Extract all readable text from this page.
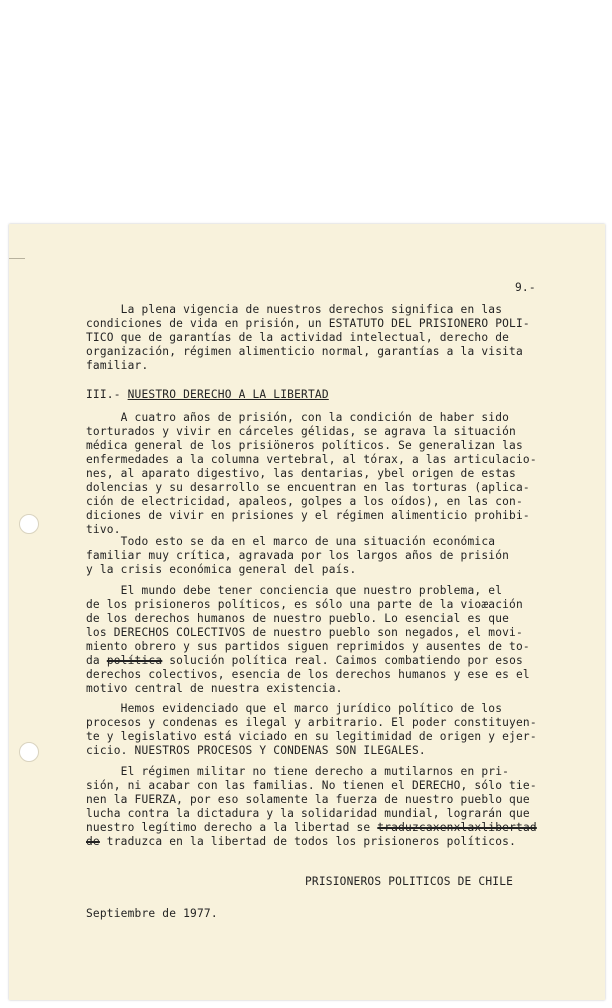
9.-
La plena vigencia de nuestros derechos significa en las
condiciones de vida en prisión, un ESTATUTO DEL PRISIONERO POLI-
TICO que de garantías de la actividad intelectual, derecho de
organización, régimen alimenticio normal, garantías a la visita
familiar.
III.- NUESTRO DERECHO A LA LIBERTAD
A cuatro años de prisión, con la condición de haber sido
torturados y vivir en cárceles gélidas, se agrava la situación
médica general de los prisiöneros políticos. Se generalizan las
enfermedades a la columna vertebral, al tórax, a las articulacio-
nes, al aparato digestivo, las dentarias, ybel origen de estas
dolencias y su desarrollo se encuentran en las torturas (aplica-
ción de electricidad, apaleos, golpes a los oídos), en las con-
diciones de vivir en prisiones y el régimen alimenticio prohibi-
tivo.
Todo esto se da en el marco de una situación económica
familiar muy crítica, agravada por los largos años de prisión
y la crisis económica general del país.
El mundo debe tener conciencia que nuestro problema, el
de los prisioneros políticos, es sólo una parte de la vioæación
de los derechos humanos de nuestro pueblo. Lo esencial es que
los DERECHOS COLECTIVOS de nuestro pueblo son negados, el movi-
miento obrero y sus partidos siguen reprimidos y ausentes de to-
da política solución política real. Caimos combatiendo por esos
derechos colectivos, esencia de los derechos humanos y ese es el
motivo central de nuestra existencia.
Hemos evidenciado que el marco jurídico político de los
procesos y condenas es ilegal y arbitrario. El poder constituyen-
te y legislativo está viciado en su legitimidad de origen y ejer-
cicio. NUESTROS PROCESOS Y CONDENAS SON ILEGALES.
El régimen militar no tiene derecho a mutilarnos en pri-
sión, ni acabar con las familias. No tienen el DERECHO, sólo tie-
nen la FUERZA, por eso solamente la fuerza de nuestro pueblo que
lucha contra la dictadura y la solidaridad mundial, lograrán que
nuestro legítimo derecho a la libertad se traduzcaxenxlaxlibertad
de traduzca en la libertad de todos los prisioneros políticos.
PRISIONEROS POLITICOS DE CHILE
Septiembre de 1977.
